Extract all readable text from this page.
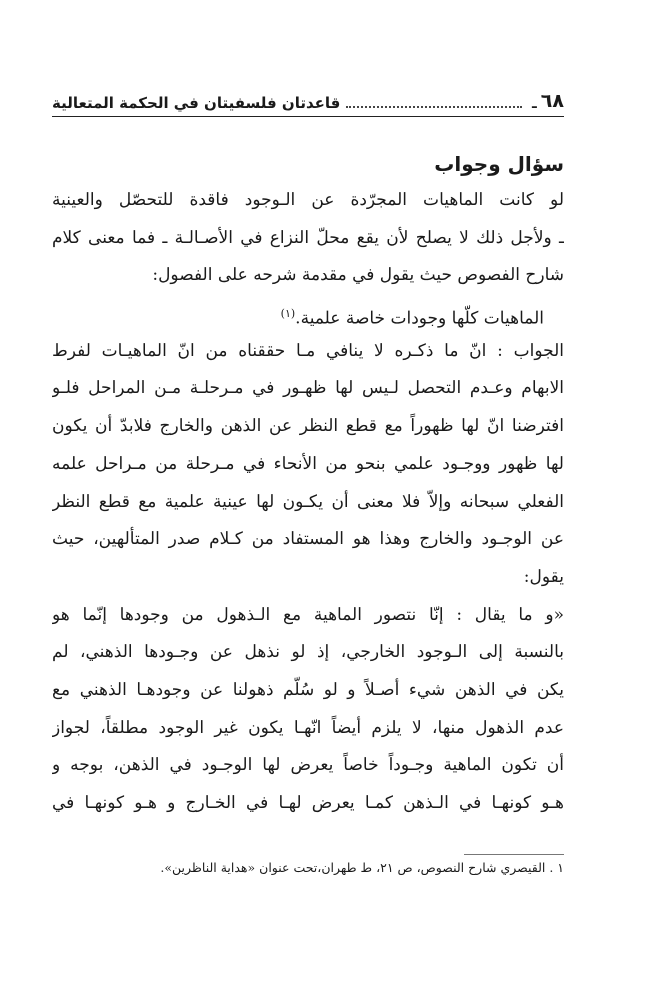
٦٨
ـ
قاعدتان فلسفيتان في الحكمة المتعالية
سؤال وجواب
لو كانت الماهيات المجرّدة عن الـوجود فاقدة للتحصّل والعينية
ـ ولأجل ذلك لا يصلح لأن يقع محلّ النزاع في الأصـالـة ـ فما معنى كلام
شارح الفصوص حيث يقول في مقدمة شرحه على الفصول:
الماهيات كلّها وجودات خاصة علمية.$^{(١)}$
الجواب : انّ ما ذكـره لا ينافي مـا حققناه من انّ الماهيـات لفرط
الابهام وعـدم التحصل لـيس لها ظهـور في مـرحلـة مـن المراحل فلـو
افترضنا انّ لها ظهوراً مع قطع النظر عن الذهن والخارج فلابدّ أن يكون
لها ظهور ووجـود علمي بنحو من الأنحاء في مـرحلة من مـراحل علمه
الفعلي سبحانه وإلاّ فلا معنى أن يكـون لها عينية علمية مع قطع النظر
عن الوجـود والخارج وهذا هو المستفاد من كـلام صدر المتألهين، حيث
يقول:
«و ما يقال : إنّا نتصور الماهية مع الـذهول من وجودها إنّما هو
بالنسبة إلى الـوجود الخارجي، إذ لو نذهل عن وجـودها الذهني، لم
يكن في الذهن شيء أصـلاً و لو سُلّم ذهولنا عن وجودهـا الذهني مع
عدم الذهول منها، لا يلزم أيضاً انّهـا يكون غير الوجود مطلقاً، لجواز
أن تكون الماهية وجـوداً خاصاً يعرض لها الوجـود في الذهن، بوجه و
هـو كونهـا في الـذهن كمـا يعرض لهـا في الخـارج و هـو كونهـا في
١ . القيصري شارح النصوص، ص ٢١، ط طهران،تحت عنوان «هداية الناظرين».
